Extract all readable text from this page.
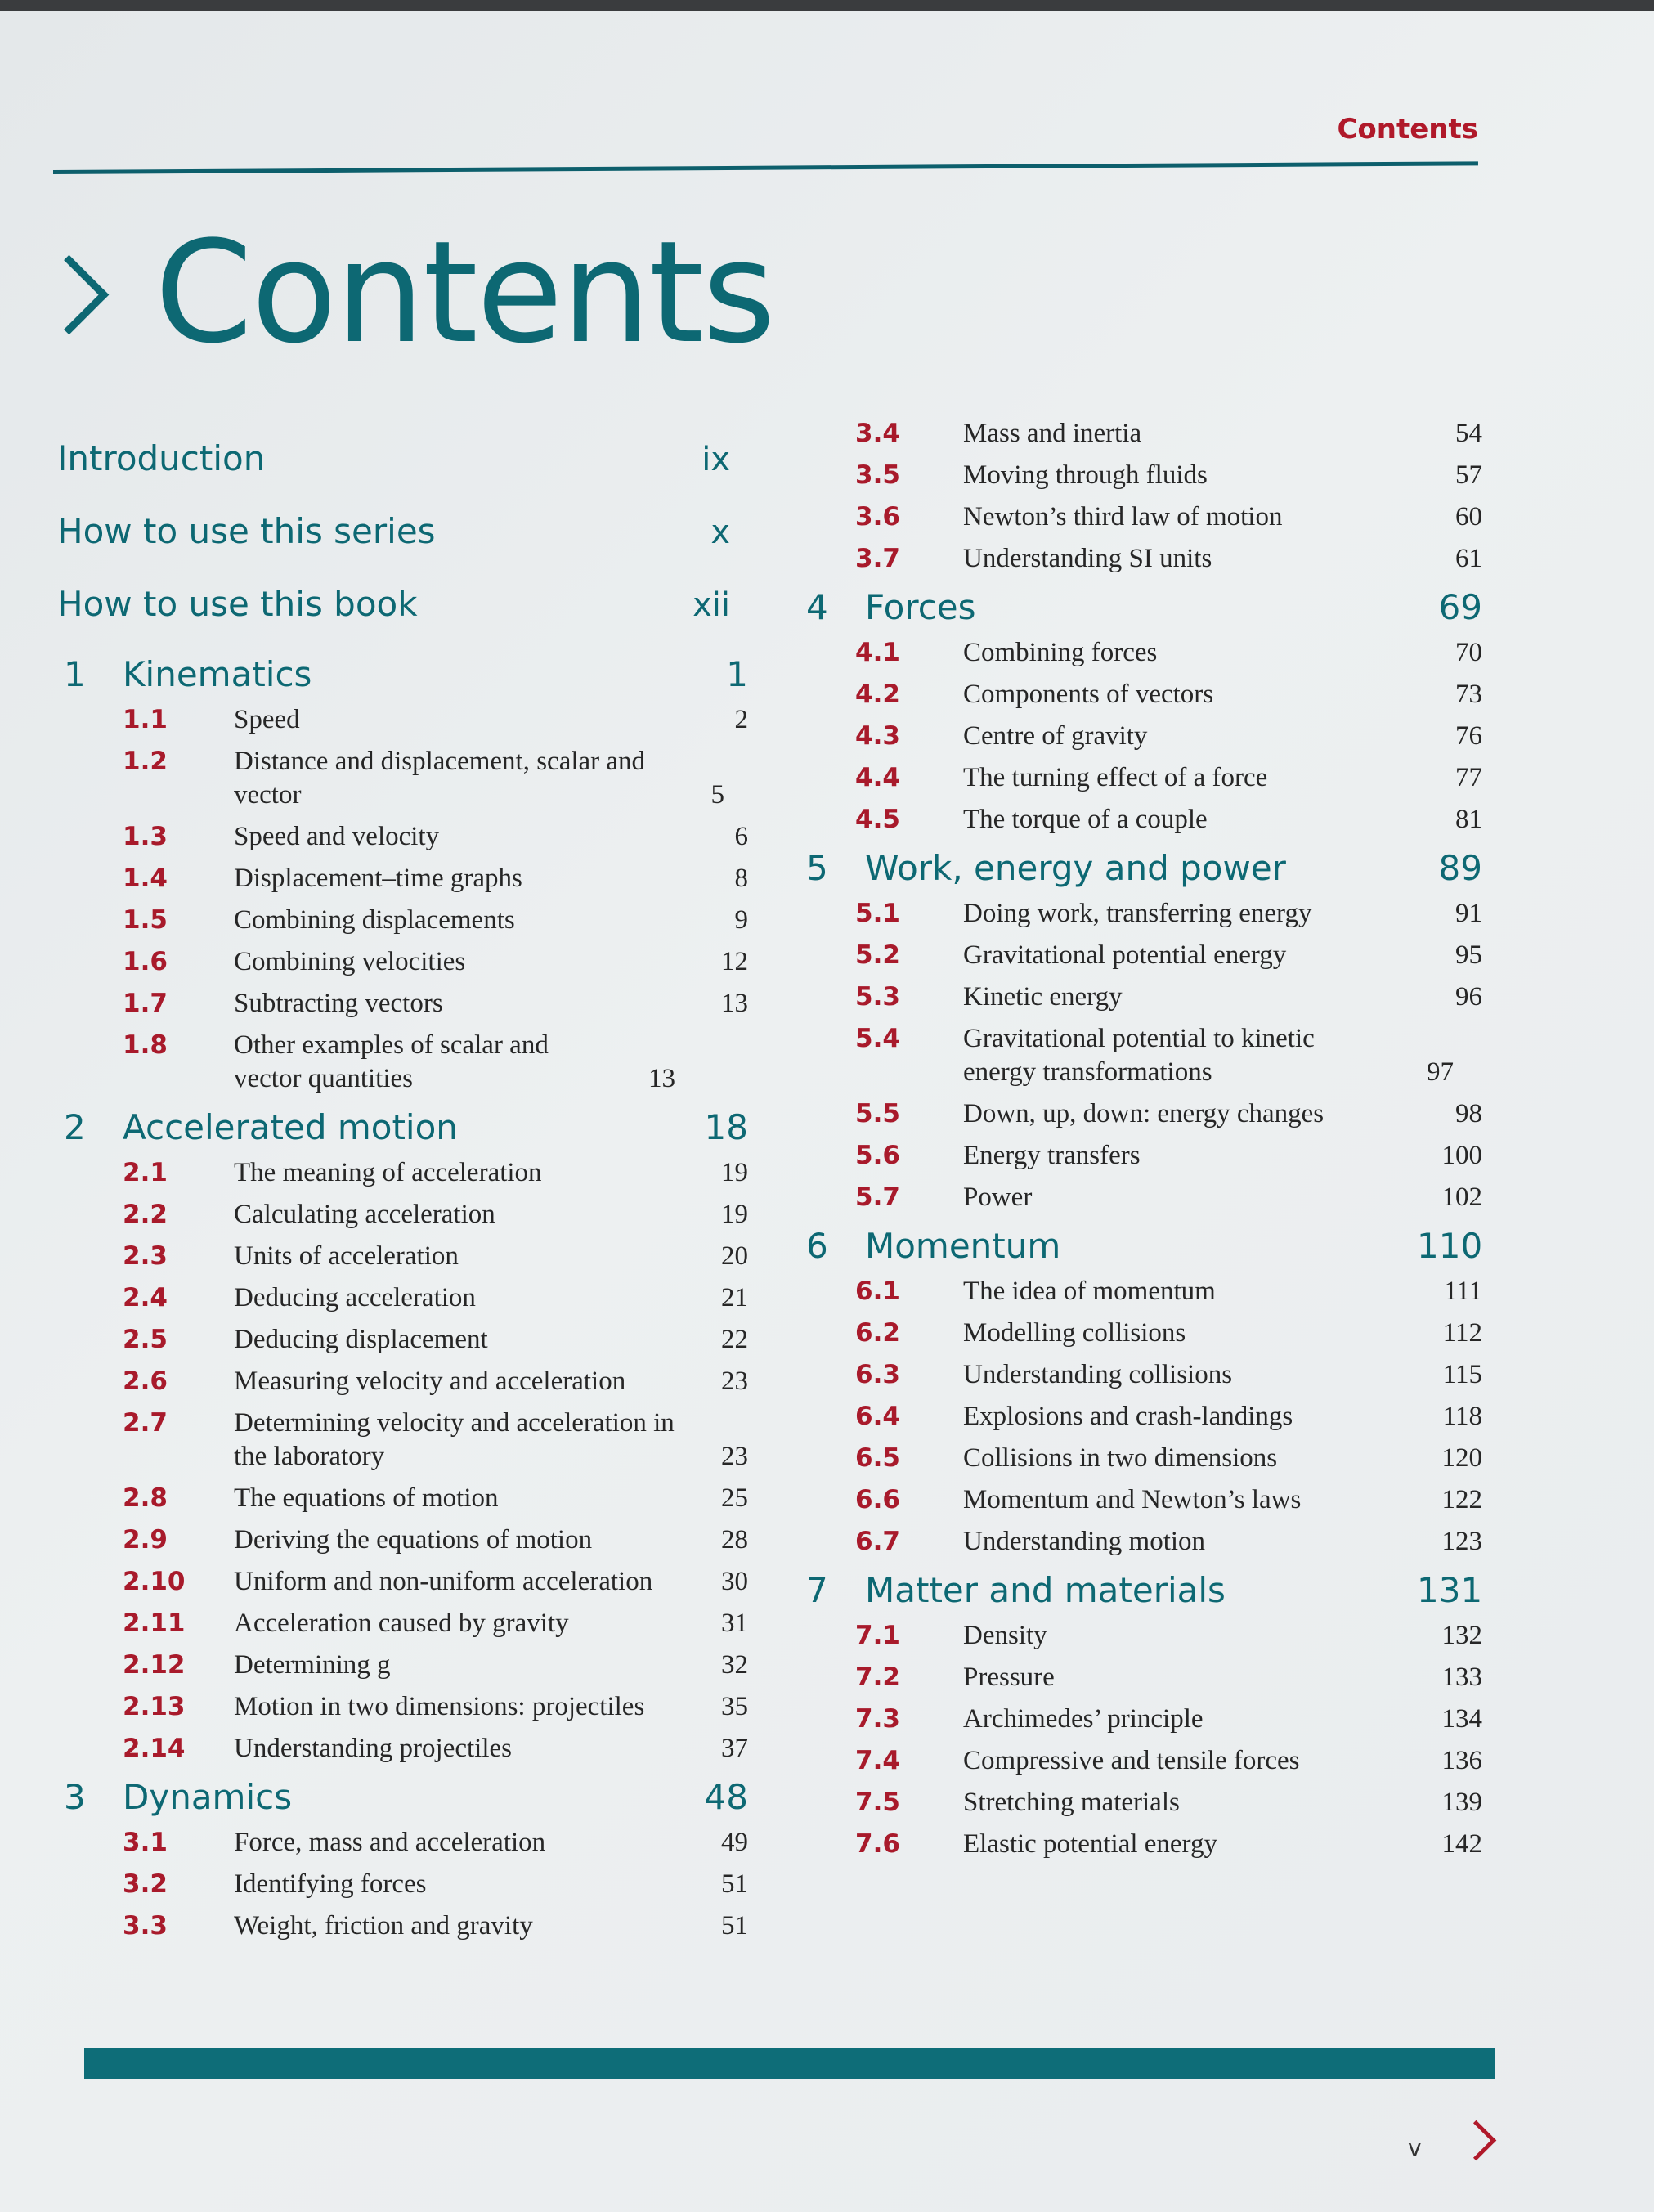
Contents
Contents
Introduction	ix
How to use this series	x
How to use this book	xii
1	Kinematics	1
1.1	Speed	2
1.2	Distance and displacement, scalar and vector	5
1.3	Speed and velocity	6
1.4	Displacement–time graphs	8
1.5	Combining displacements	9
1.6	Combining velocities	12
1.7	Subtracting vectors	13
1.8	Other examples of scalar and vector quantities	13
2	Accelerated motion	18
2.1	The meaning of acceleration	19
2.2	Calculating acceleration	19
2.3	Units of acceleration	20
2.4	Deducing acceleration	21
2.5	Deducing displacement	22
2.6	Measuring velocity and acceleration	23
2.7	Determining velocity and acceleration in the laboratory	23
2.8	The equations of motion	25
2.9	Deriving the equations of motion	28
2.10	Uniform and non-uniform acceleration	30
2.11	Acceleration caused by gravity	31
2.12	Determining g	32
2.13	Motion in two dimensions: projectiles	35
2.14	Understanding projectiles	37
3	Dynamics	48
3.1	Force, mass and acceleration	49
3.2	Identifying forces	51
3.3	Weight, friction and gravity	51
3.4	Mass and inertia	54
3.5	Moving through fluids	57
3.6	Newton’s third law of motion	60
3.7	Understanding SI units	61
4	Forces	69
4.1	Combining forces	70
4.2	Components of vectors	73
4.3	Centre of gravity	76
4.4	The turning effect of a force	77
4.5	The torque of a couple	81
5	Work, energy and power	89
5.1	Doing work, transferring energy	91
5.2	Gravitational potential energy	95
5.3	Kinetic energy	96
5.4	Gravitational potential to kinetic energy transformations	97
5.5	Down, up, down: energy changes	98
5.6	Energy transfers	100
5.7	Power	102
6	Momentum	110
6.1	The idea of momentum	111
6.2	Modelling collisions	112
6.3	Understanding collisions	115
6.4	Explosions and crash-landings	118
6.5	Collisions in two dimensions	120
6.6	Momentum and Newton’s laws	122
6.7	Understanding motion	123
7	Matter and materials	131
7.1	Density	132
7.2	Pressure	133
7.3	Archimedes’ principle	134
7.4	Compressive and tensile forces	136
7.5	Stretching materials	139
7.6	Elastic potential energy	142
v
